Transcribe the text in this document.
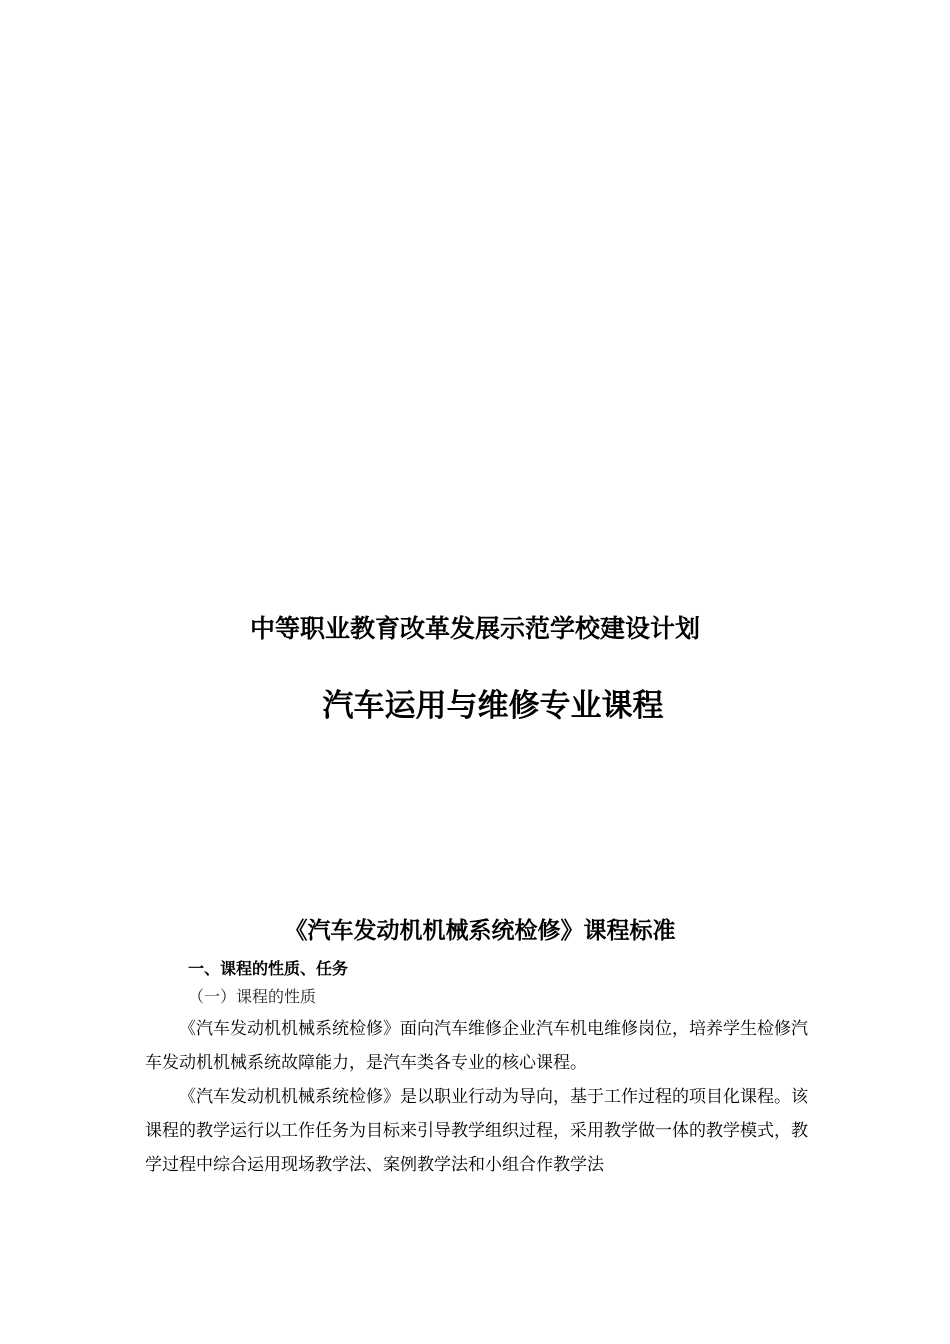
中等职业教育改革发展示范学校建设计划
汽车运用与维修专业课程
《汽车发动机机械系统检修》课程标准
一、课程的性质、任务
（一）课程的性质

《汽车发动机机械系统检修》面向汽车维修企业汽车机电维修岗位，培养学生检修汽车发动机机械系统故障能力，是汽车类各专业的核心课程。

《汽车发动机机械系统检修》是以职业行动为导向，基于工作过程的项目化课程。该课程的教学运行以工作任务为目标来引导教学组织过程，采用教学做一体的教学模式，教学过程中综合运用现场教学法、案例教学法和小组合作教学法
